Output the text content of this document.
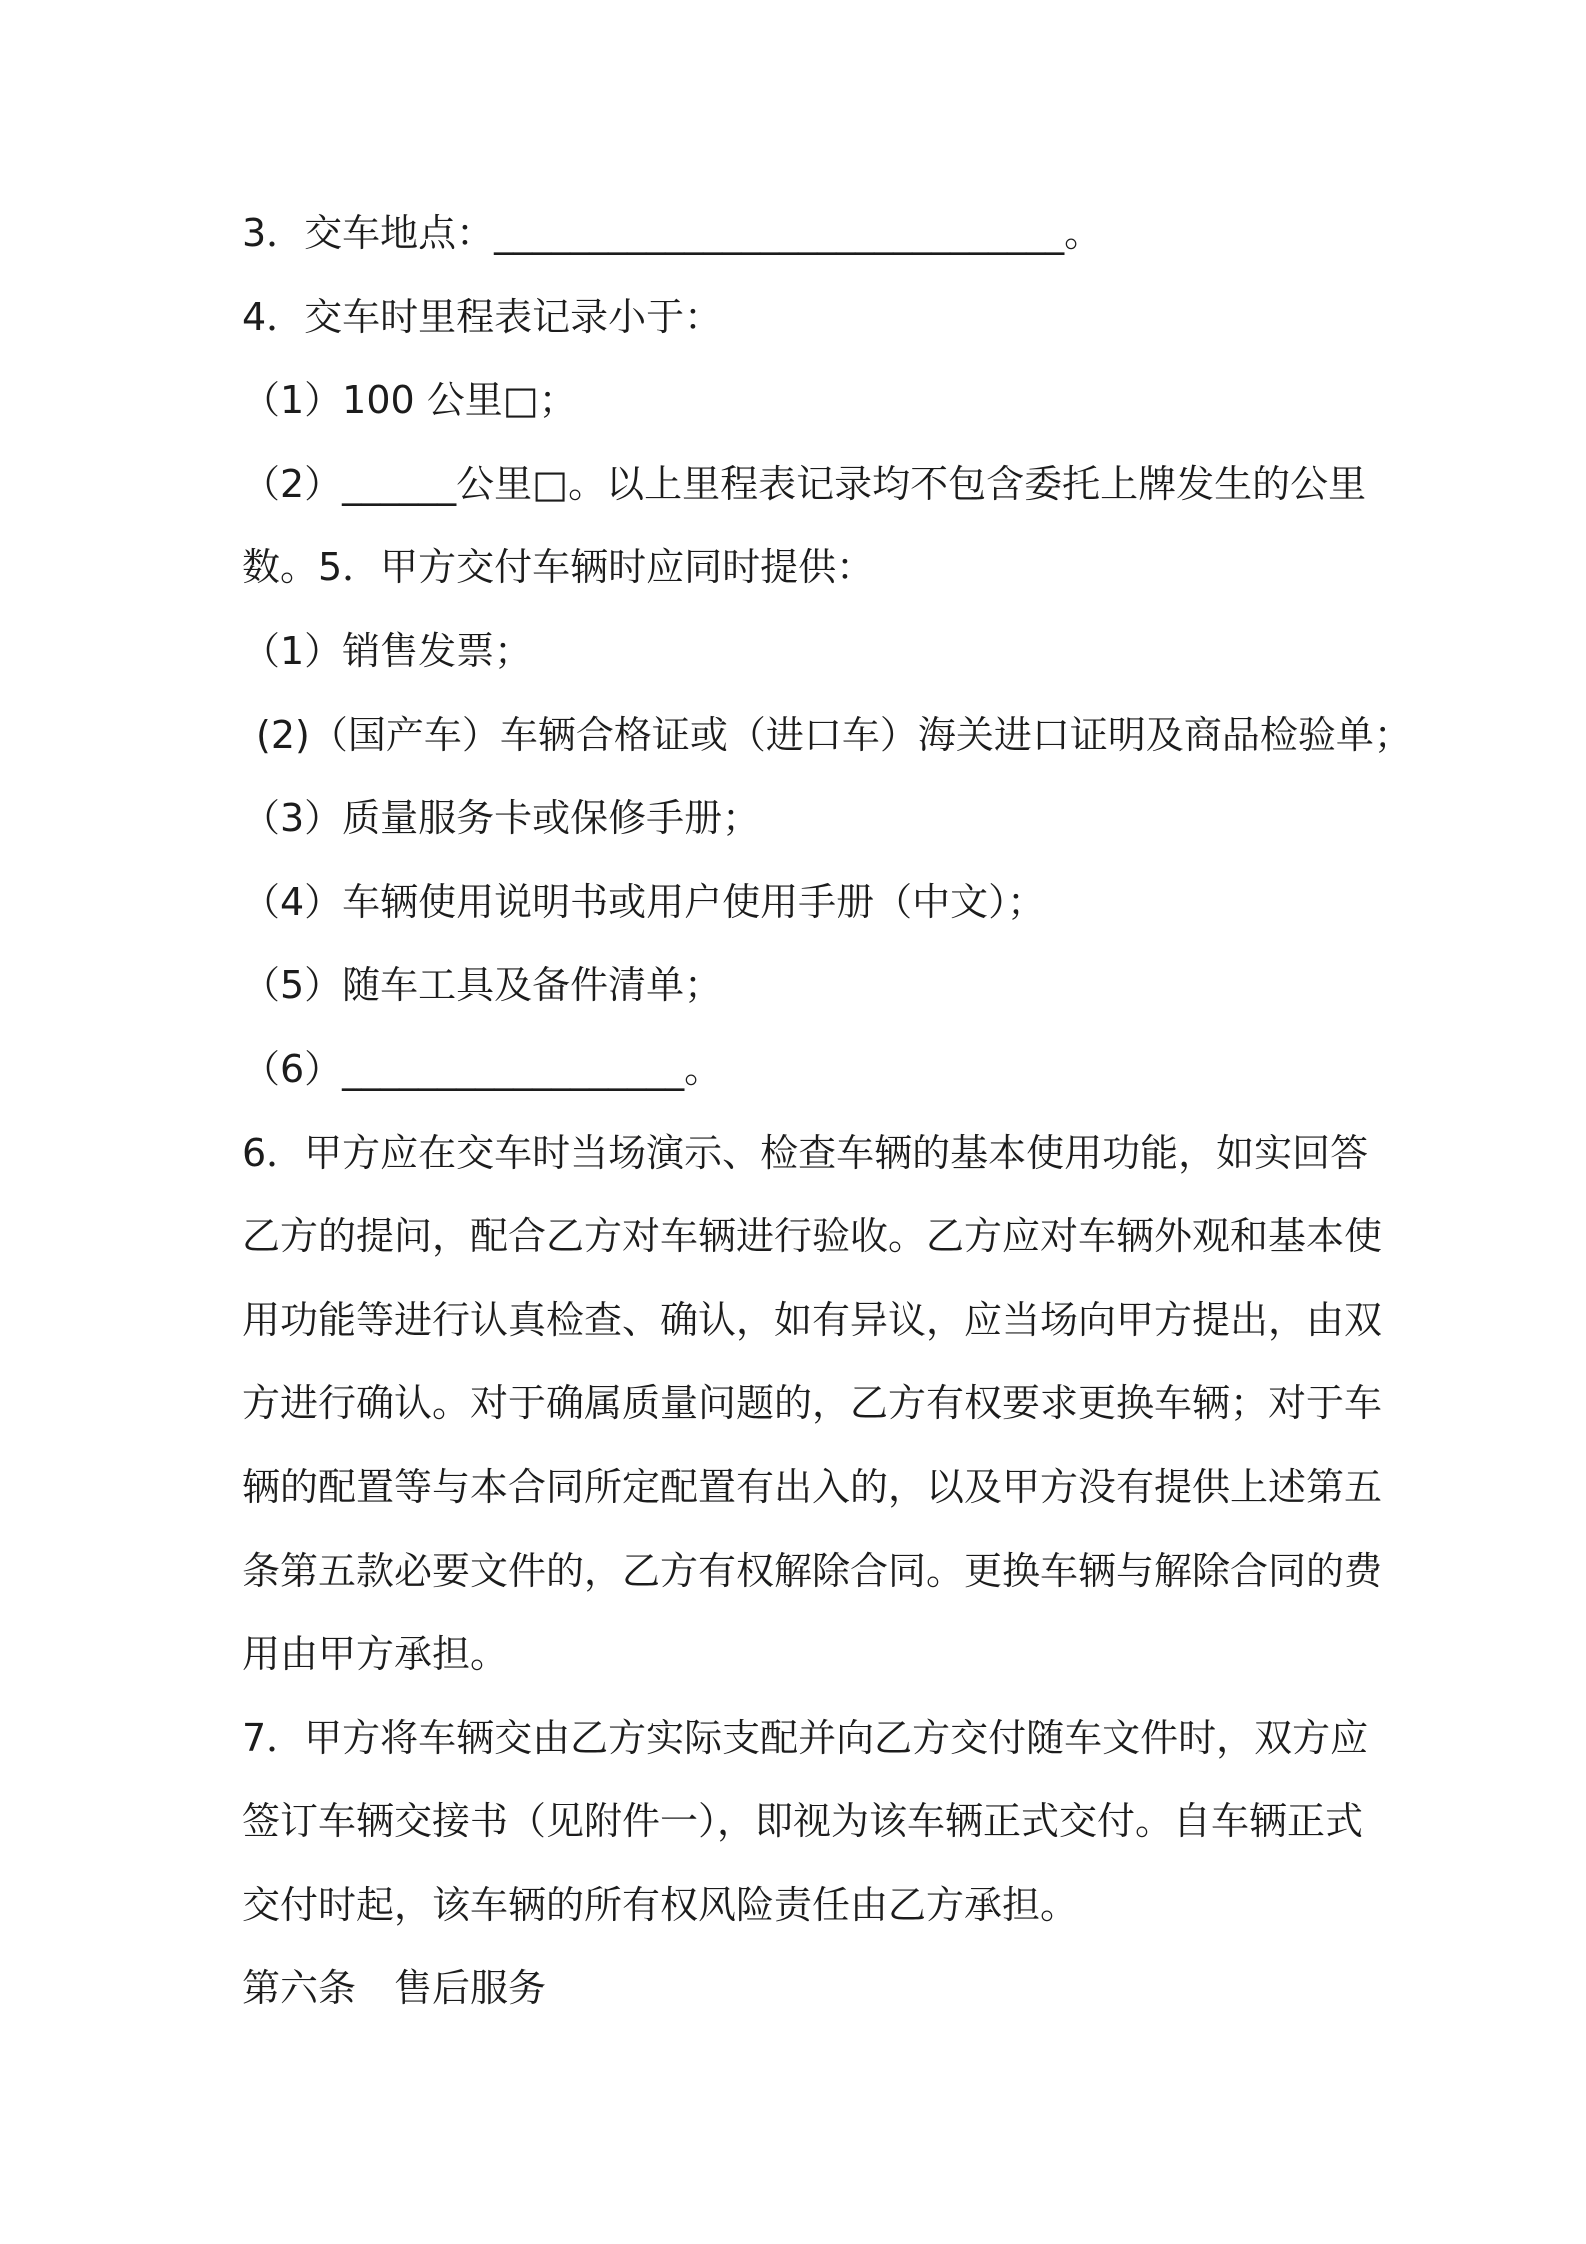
3．交车地点：______________________________。
4．交车时里程表记录小于：
（1）100 公里□；
（2）______公里□。以上里程表记录均不包含委托上牌发生的公里
数。5．甲方交付车辆时应同时提供：
（1）销售发票；
(2)（国产车）车辆合格证或（进口车）海关进口证明及商品检验单；
（3）质量服务卡或保修手册；
（4）车辆使用说明书或用户使用手册（中文）；
（5）随车工具及备件清单；
（6）__________________。
6．甲方应在交车时当场演示、检查车辆的基本使用功能，如实回答
乙方的提问，配合乙方对车辆进行验收。乙方应对车辆外观和基本使
用功能等进行认真检查、确认，如有异议，应当场向甲方提出，由双
方进行确认。对于确属质量问题的，乙方有权要求更换车辆；对于车
辆的配置等与本合同所定配置有出入的，以及甲方没有提供上述第五
条第五款必要文件的，乙方有权解除合同。更换车辆与解除合同的费
用由甲方承担。
7．甲方将车辆交由乙方实际支配并向乙方交付随车文件时，双方应
签订车辆交接书（见附件一），即视为该车辆正式交付。自车辆正式
交付时起，该车辆的所有权风险责任由乙方承担。
第六条　售后服务
